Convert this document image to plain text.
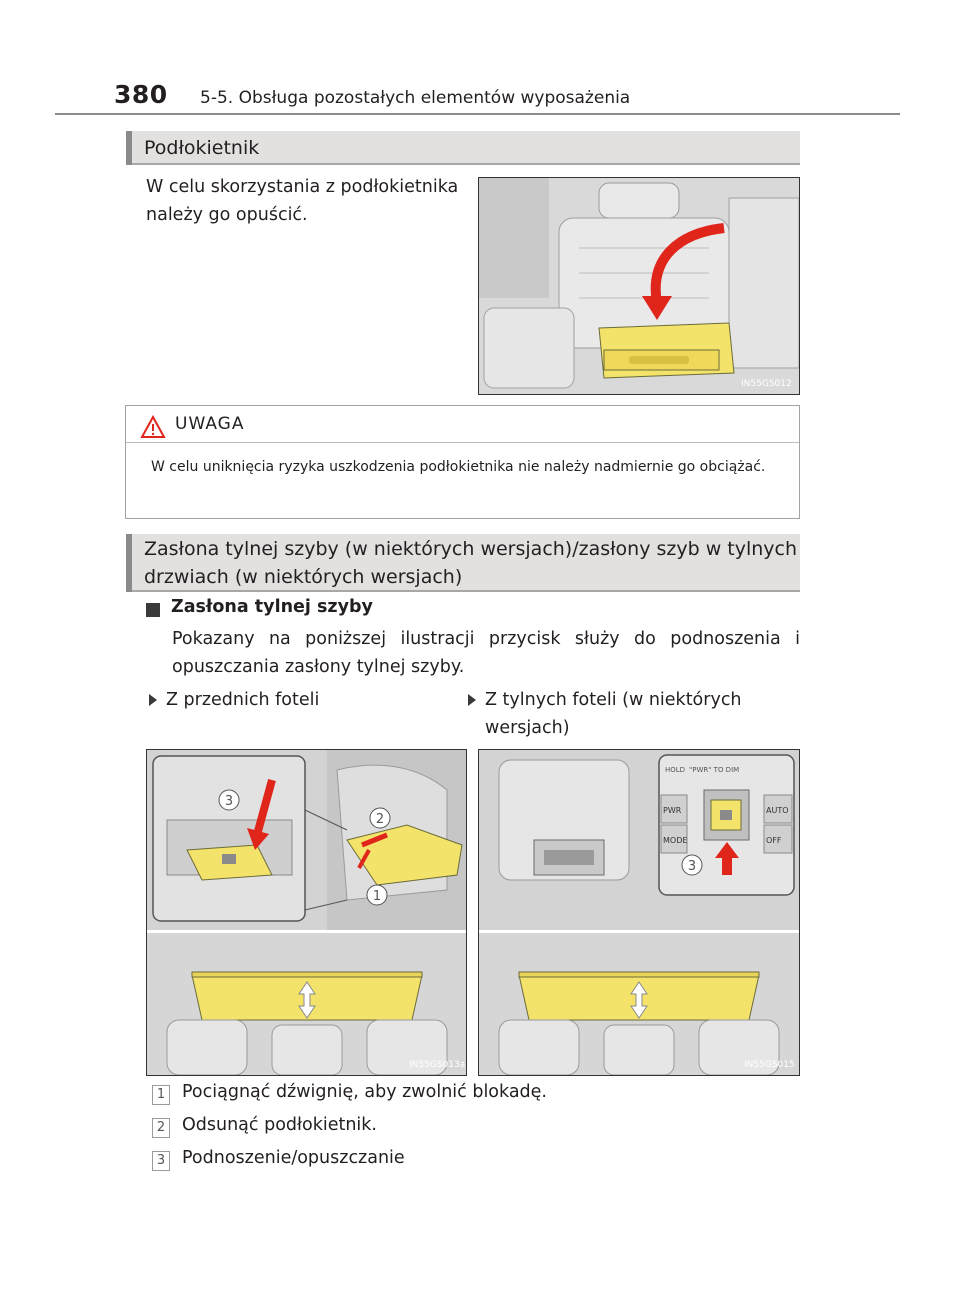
380 5-5. Obsługa pozostałych elementów wyposażenia
Podłokietnik
W celu skorzystania z podłokietnika należy go opuścić.
IN55GS012
UWAGA
W celu uniknięcia ryzyka uszkodzenia podłokietnika nie należy nadmiernie go obciążać.
Zasłona tylnej szyby (w niektórych wersjach)/zasłony szyb w tylnych drzwiach (w niektórych wersjach)
Zasłona tylnej szyby
Pokazany na poniższej ilustracji przycisk służy do podnoszenia i opuszczania zasłony tylnej szyby.
Z przednich foteli	Z tylnych foteli (w niektórych wersjach)
3
2
1
IN55GS013a
HOLD "PWR" TO DIM
PWR
MODE
AUTO
OFF
3
IN55GS015
1 Pociągnąć dźwignię, aby zwolnić blokadę.
2 Odsunąć podłokietnik.
3 Podnoszenie/opuszczanie
